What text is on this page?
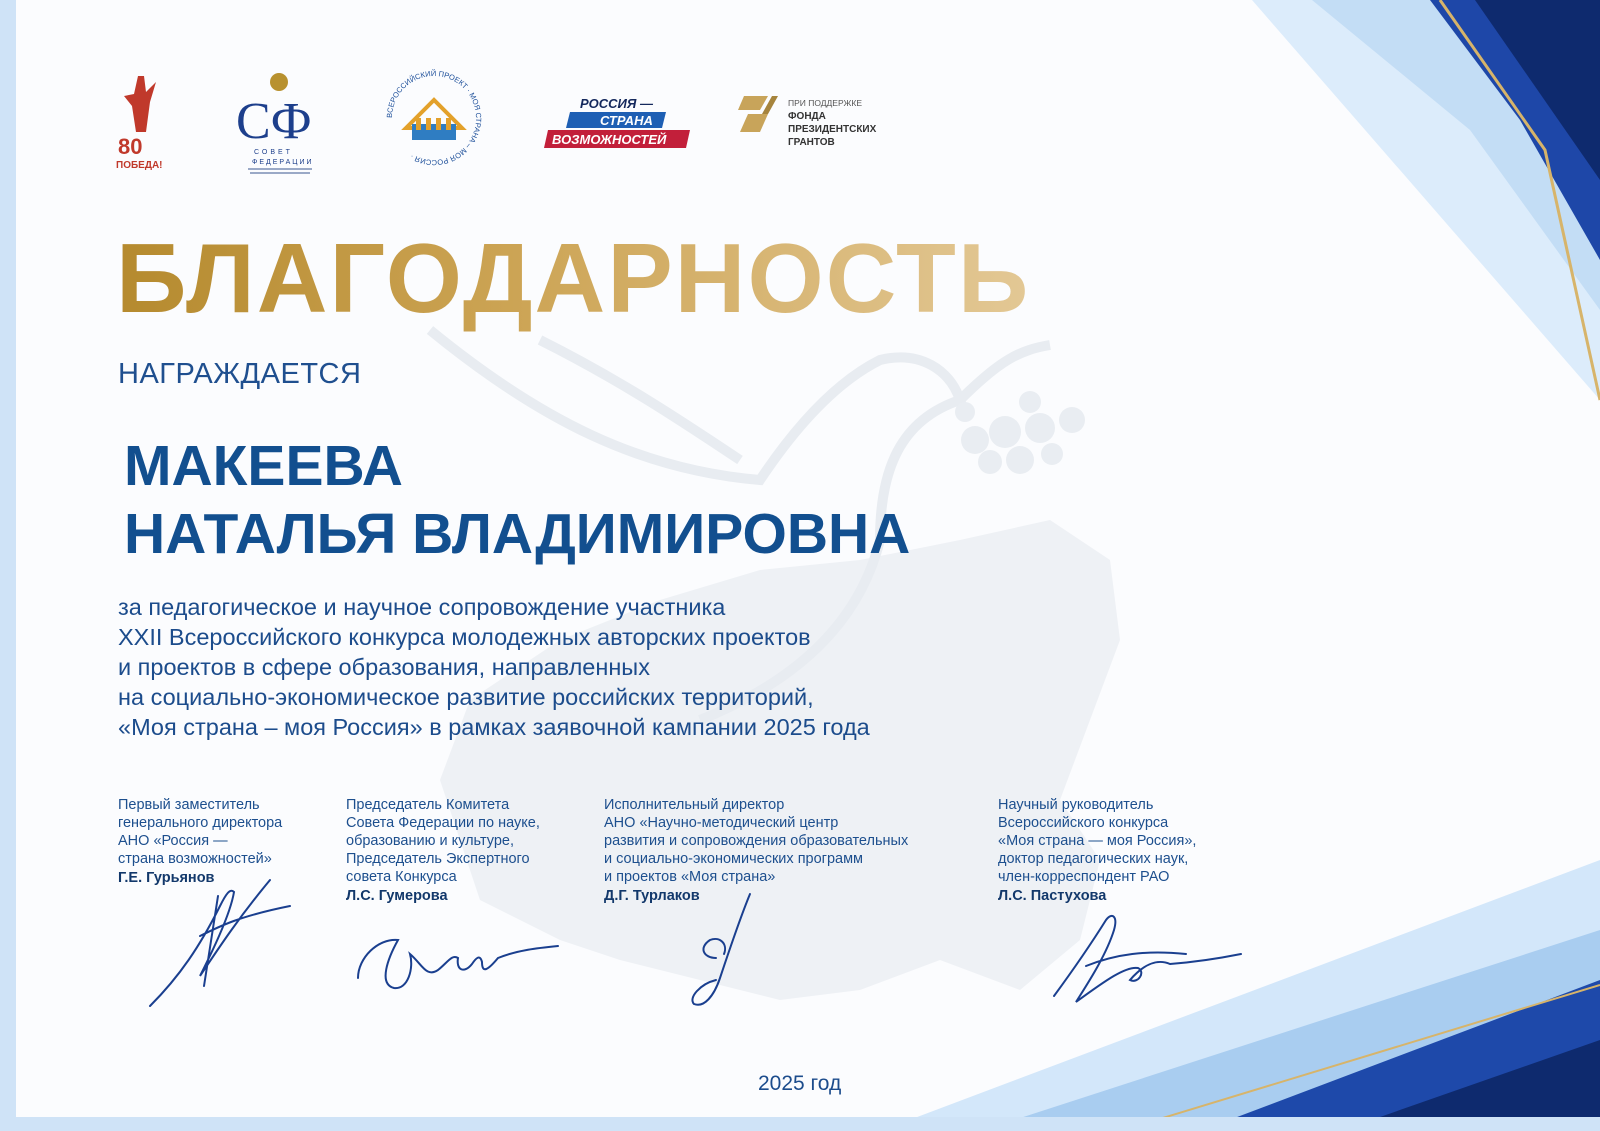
80
ПОБЕДА!
СФ
СОВЕТ
ФЕДЕРАЦИИ
ВСЕРОССИЙСКИЙ ПРОЕКТ · МОЯ СТРАНА – МОЯ РОССИЯ ·
РОССИЯ —
СТРАНА
ВОЗМОЖНОСТЕЙ
ПРИ ПОДДЕРЖКЕ
ФОНДА
ПРЕЗИДЕНТСКИХ
ГРАНТОВ
БЛАГОДАРНОСТЬ
НАГРАЖДАЕТСЯ
МАКЕЕВА
НАТАЛЬЯ ВЛАДИМИРОВНА
за педагогическое и научное сопровождение участника
XXII Всероссийского конкурса молодежных авторских проектов
и проектов в сфере образования, направленных
на социально-экономическое развитие российских территорий,
«Моя страна – моя Россия» в рамках заявочной кампании 2025 года
Первый заместитель
генерального директора
АНО «Россия —
страна возможностей»
Г.Е. Гурьянов
Председатель Комитета
Совета Федерации по науке,
образованию и культуре,
Председатель Экспертного
совета Конкурса
Л.С. Гумерова
Исполнительный директор
АНО «Научно-методический центр
развития и сопровождения образовательных
и социально-экономических программ
и проектов «Моя страна»
Д.Г. Турлаков
Научный руководитель
Всероссийского конкурса
«Моя страна — моя Россия»,
доктор педагогических наук,
член-корреспондент РАО
Л.С. Пастухова
2025 год
